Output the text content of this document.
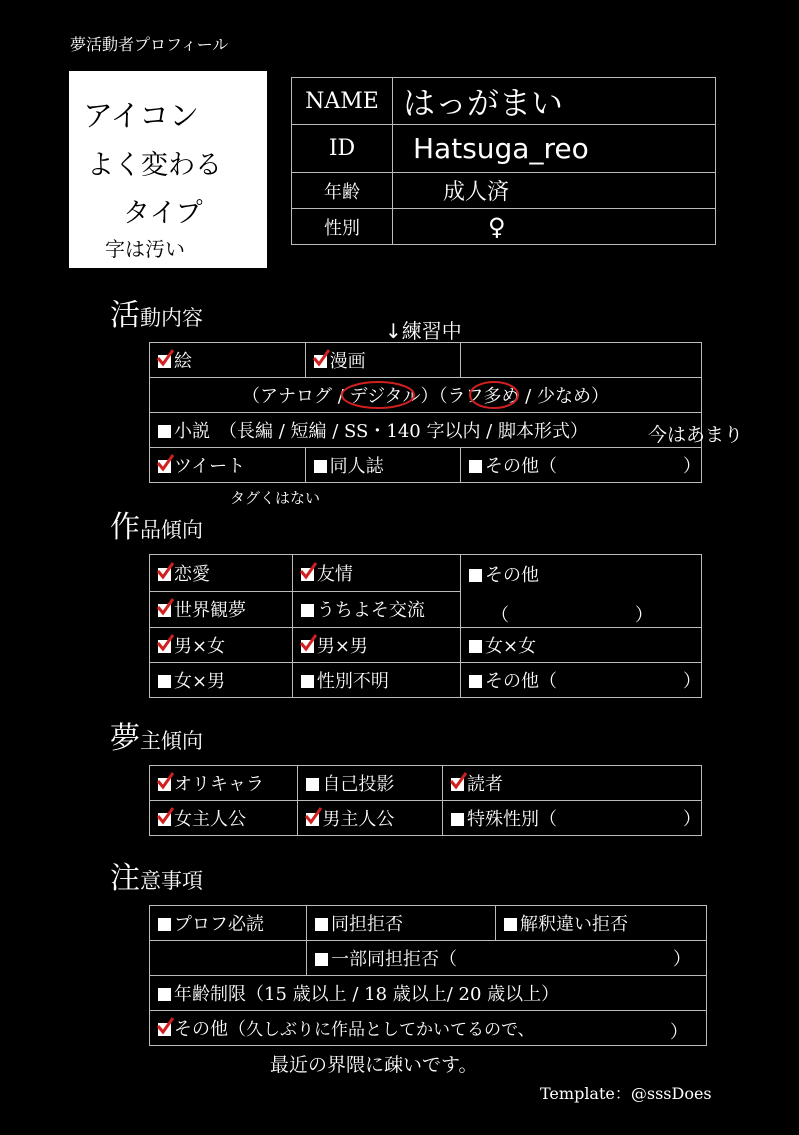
夢活動者プロフィール
アイコン
よく変わる
タイプ
字は汚い
NAME	はっがまい
ID	Hatsuga_reo
年齢	成人済
性別	♀
活動内容
↓練習中
絵	漫画	
（アナログ / デジタル）（ラフ多め / 少なめ）		

小説　（長編 / 短編 / SS・140 字以内 / 脚本形式）		

ツイート	同人誌	その他（　　　　　　　）
今はあまり
タグくはない
作品傾向
恋愛	友情	その他
（　　　　　　　）

世界観夢	うちよそ交流	

男×女	男×男	女×女
女×男	性別不明	その他（　　　　　　　）
夢主傾向
オリキャラ	自己投影	読者

女主人公	男主人公	特殊性別（　　　　　　　）
注意事項
プロフ必読	同担拒否	解釈違い拒否
	一部同担拒否（　　　　　　　　　　　　）	
年齢制限（15 歳以上 / 18 歳以上/ 20 歳以上）		

その他（久しぶりに作品としてかいてるので、 ）		
最近の界隈に疎いです。
Template：@sssDoes
